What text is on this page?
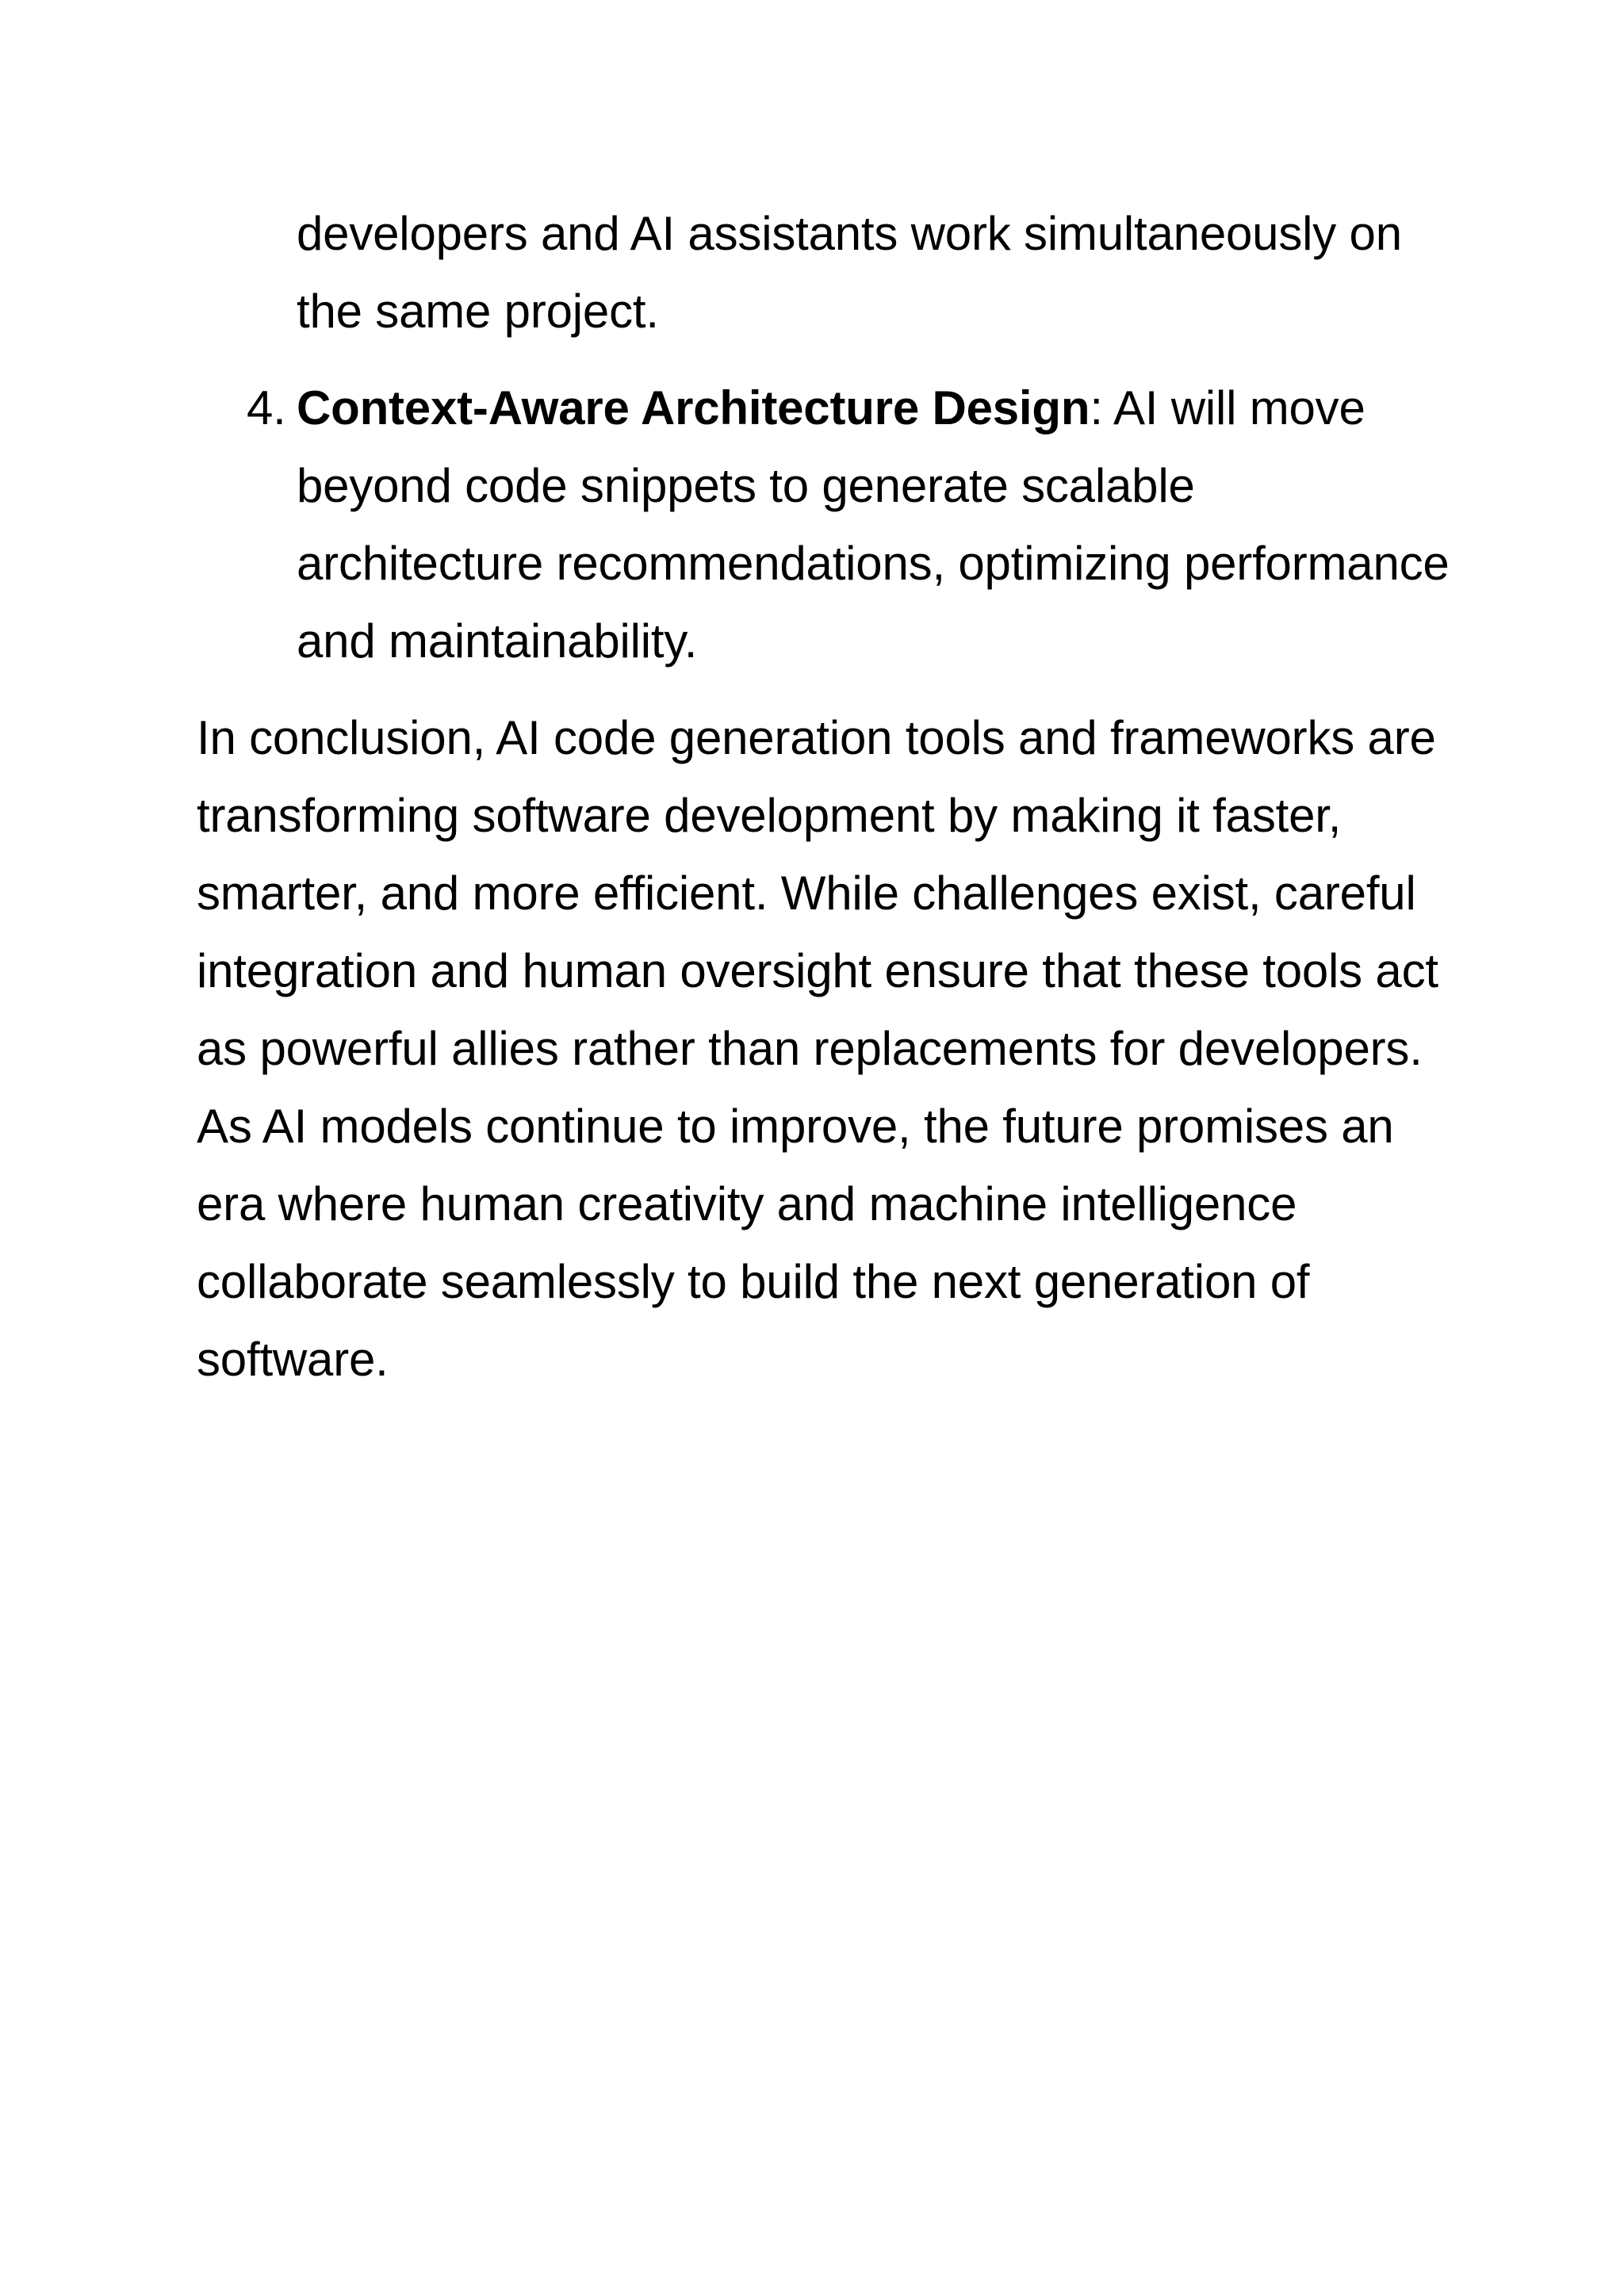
developers and AI assistants work simultaneously on the same project.
4. Context-Aware Architecture Design: AI will move beyond code snippets to generate scalable architecture recommendations, optimizing performance and maintainability.

In conclusion, AI code generation tools and frameworks are transforming software development by making it faster, smarter, and more efficient. While challenges exist, careful integration and human oversight ensure that these tools act as powerful allies rather than replacements for developers. As AI models continue to improve, the future promises an era where human creativity and machine intelligence collaborate seamlessly to build the next generation of software.
